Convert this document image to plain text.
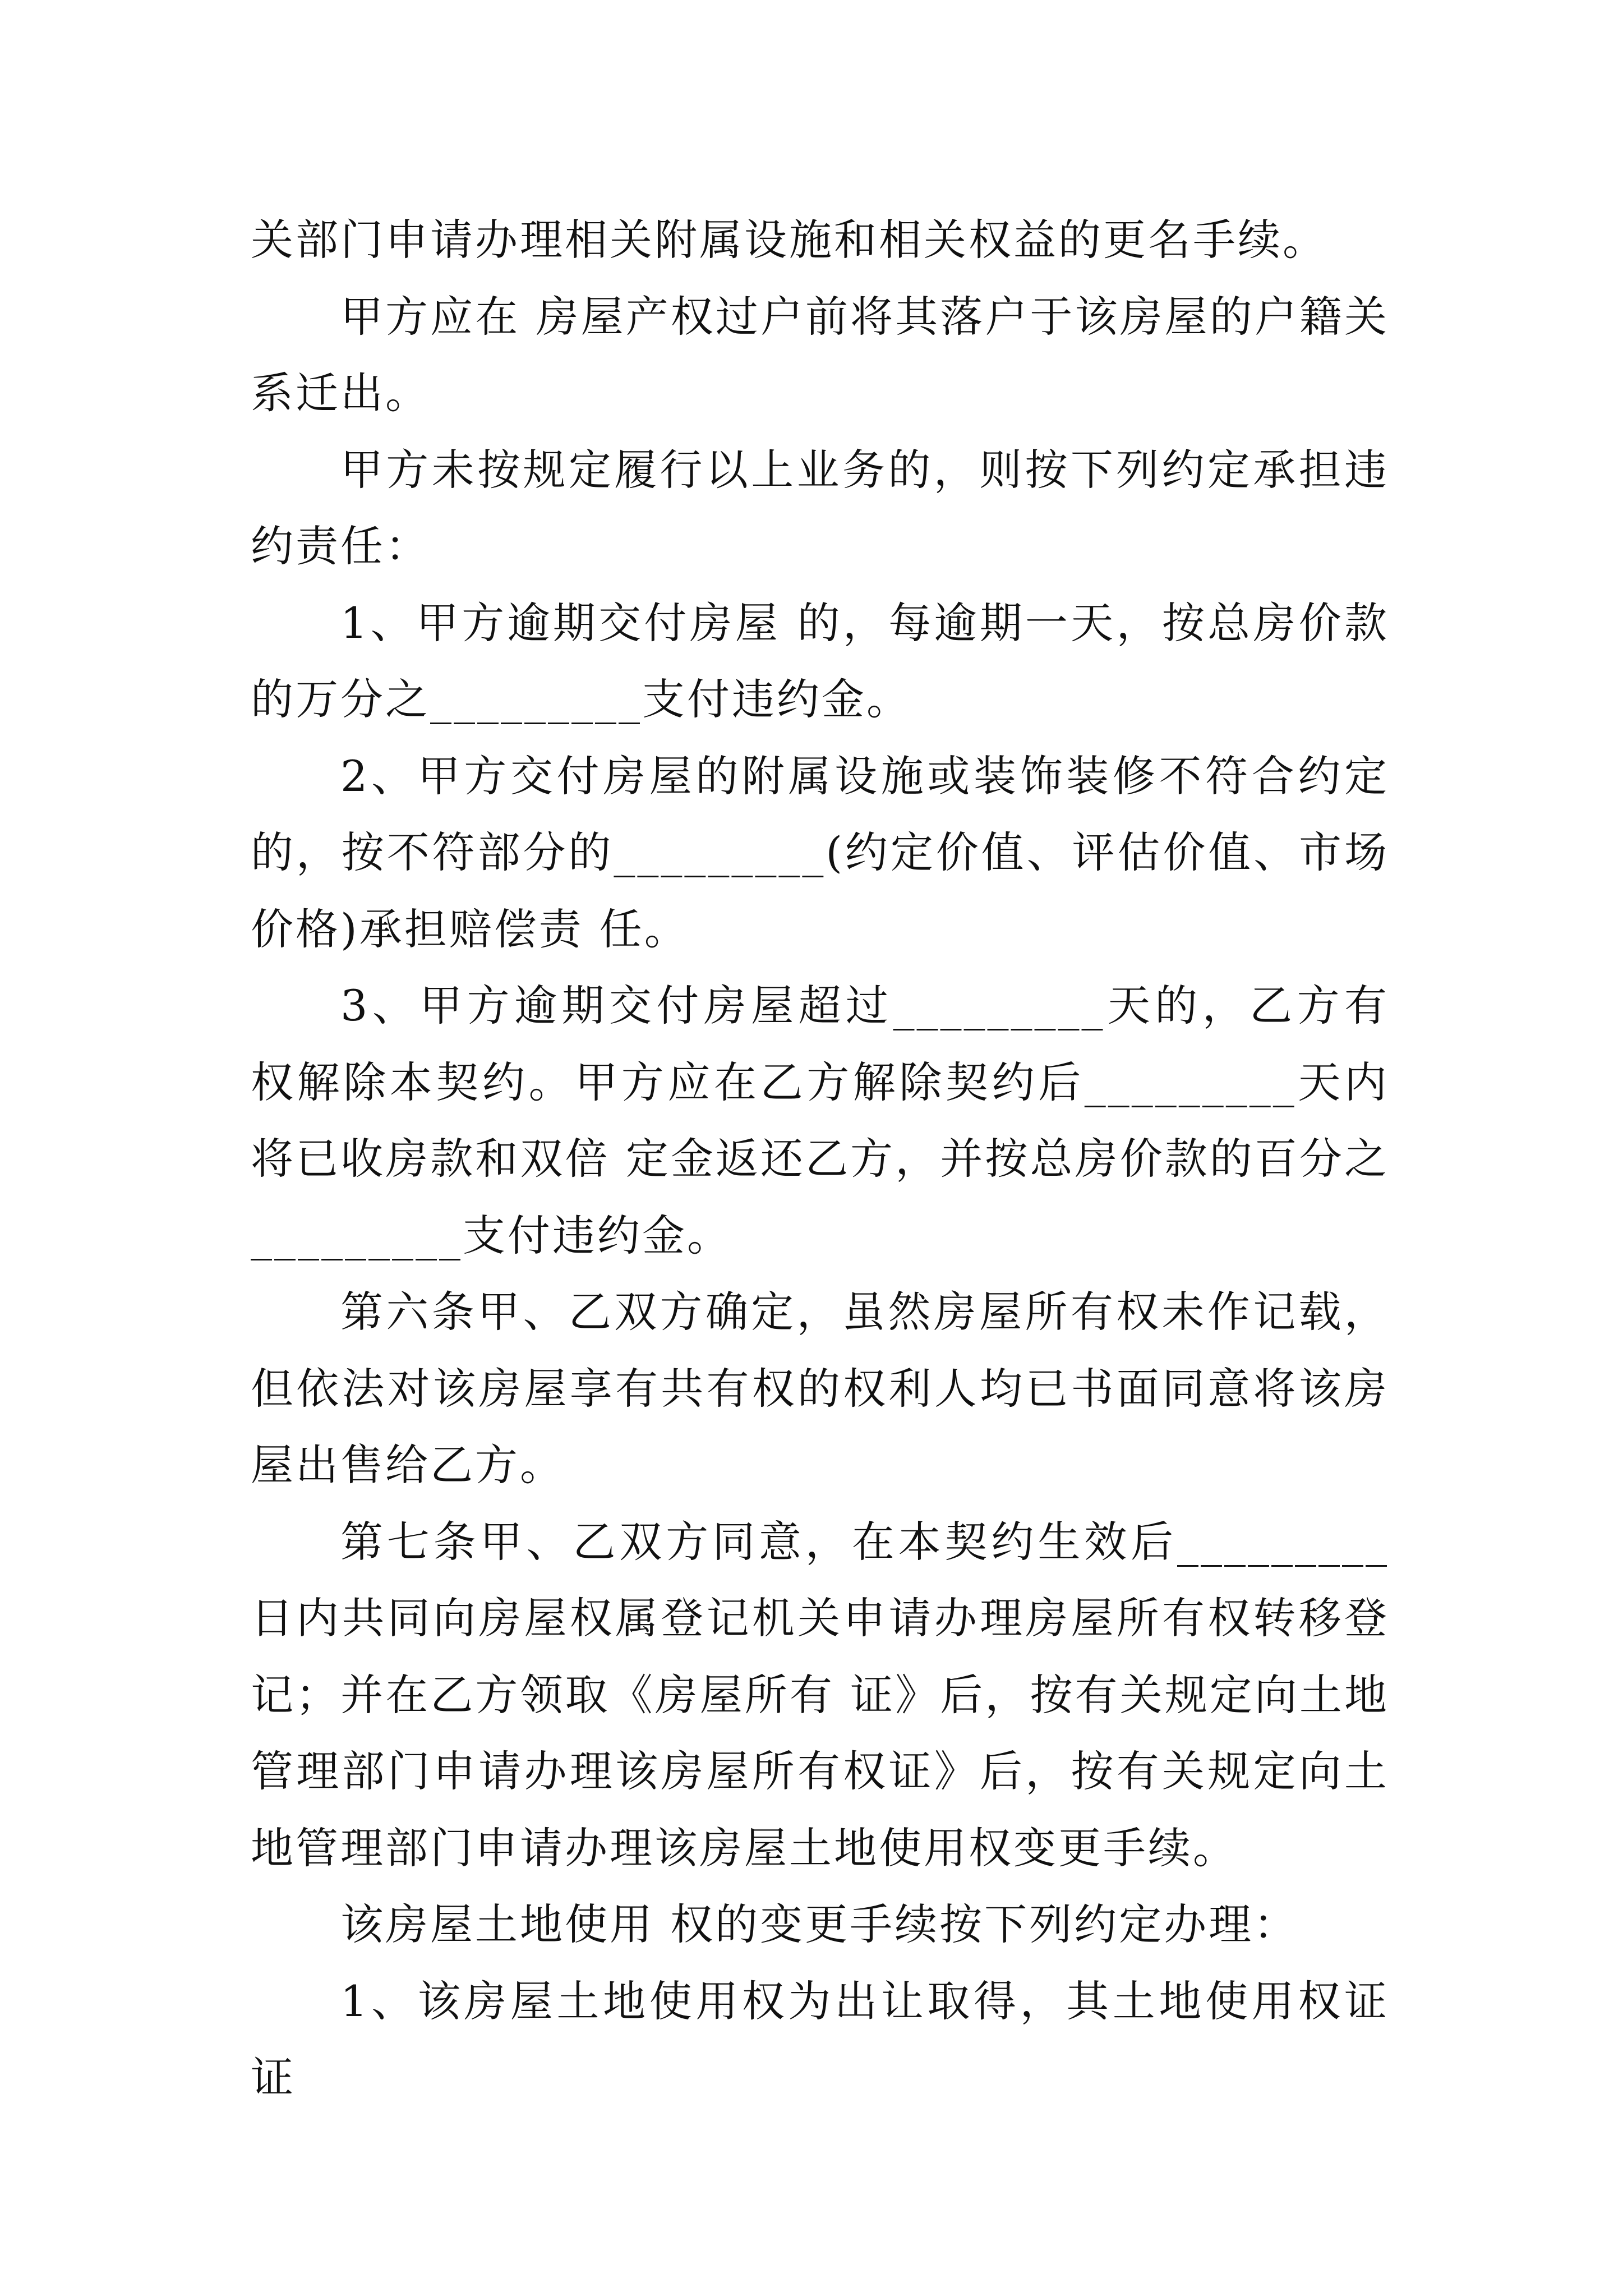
关部门申请办理相关附属设施和相关权益的更名手续。

甲方应在 房屋产权过户前将其落户于该房屋的户籍关系迁出。

甲方未按规定履行以上业务的，则按下列约定承担违约责任：

1、甲方逾期交付房屋 的，每逾期一天，按总房价款的万分之_________支付违约金。

2、甲方交付房屋的附属设施或装饰装修不符合约定的，按不符部分的_________(约定价值、评估价值、市场价格)承担赔偿责 任。

3、甲方逾期交付房屋超过_________天的，乙方有权解除本契约。甲方应在乙方解除契约后_________天内将已收房款和双倍 定金返还乙方，并按总房价款的百分之_________支付违约金。

第六条甲、乙双方确定，虽然房屋所有权未作记载，但依法对该房屋享有共有权的权利人均已书面同意将该房屋出售给乙方。

第七条甲、乙双方同意，在本契约生效后_________日内共同向房屋权属登记机关申请办理房屋所有权转移登记；并在乙方领取《房屋所有 证》后，按有关规定向土地管理部门申请办理该房屋所有权证》后，按有关规定向土地管理部门申请办理该房屋土地使用权变更手续。

该房屋土地使用 权的变更手续按下列约定办理：

1、该房屋土地使用权为出让取得，其土地使用权证证
